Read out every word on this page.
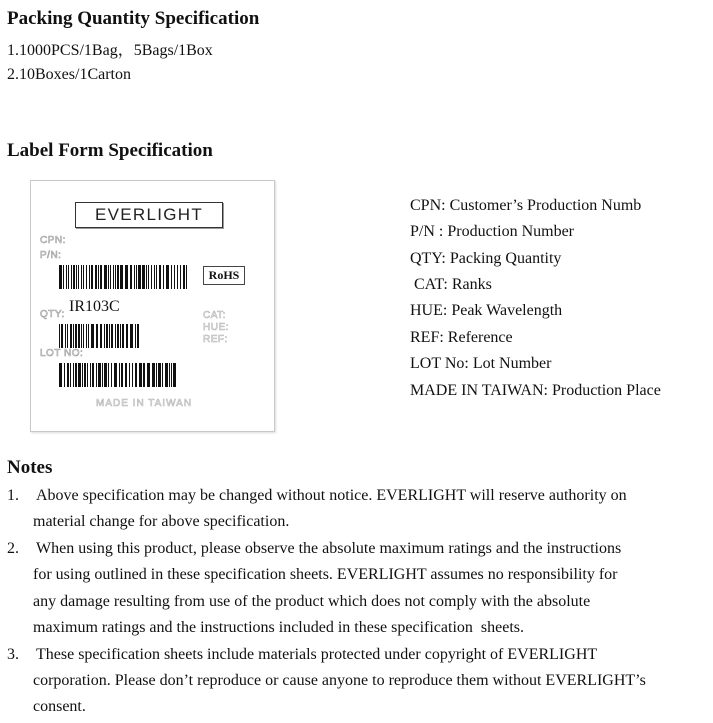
Packing Quantity Specification
1.1000PCS/1Bag，5Bags/1Box
2.10Boxes/1Carton
Label Form Specification
EVERLIGHT
CPN:
P/N:
RoHS
IR103C
QTY:	CAT:
HUE:
REF:
LOT NO:
MADE IN TAIWAN
CPN: Customer’s Production Numb
P/N : Production Number
QTY: Packing Quantity
CAT: Ranks
HUE: Peak Wavelength
REF: Reference
LOT No: Lot Number
MADE IN TAIWAN: Production Place
Notes
1. Above specification may be changed without notice. EVERLIGHT will reserve authority on
material change for above specification.
2. When using this product, please observe the absolute maximum ratings and the instructions
for using outlined in these specification sheets. EVERLIGHT assumes no responsibility for
any damage resulting from use of the product which does not comply with the absolute
maximum ratings and the instructions included in these specification  sheets.
3. These specification sheets include materials protected under copyright of EVERLIGHT
corporation. Please don’t reproduce or cause anyone to reproduce them without EVERLIGHT’s
consent.
